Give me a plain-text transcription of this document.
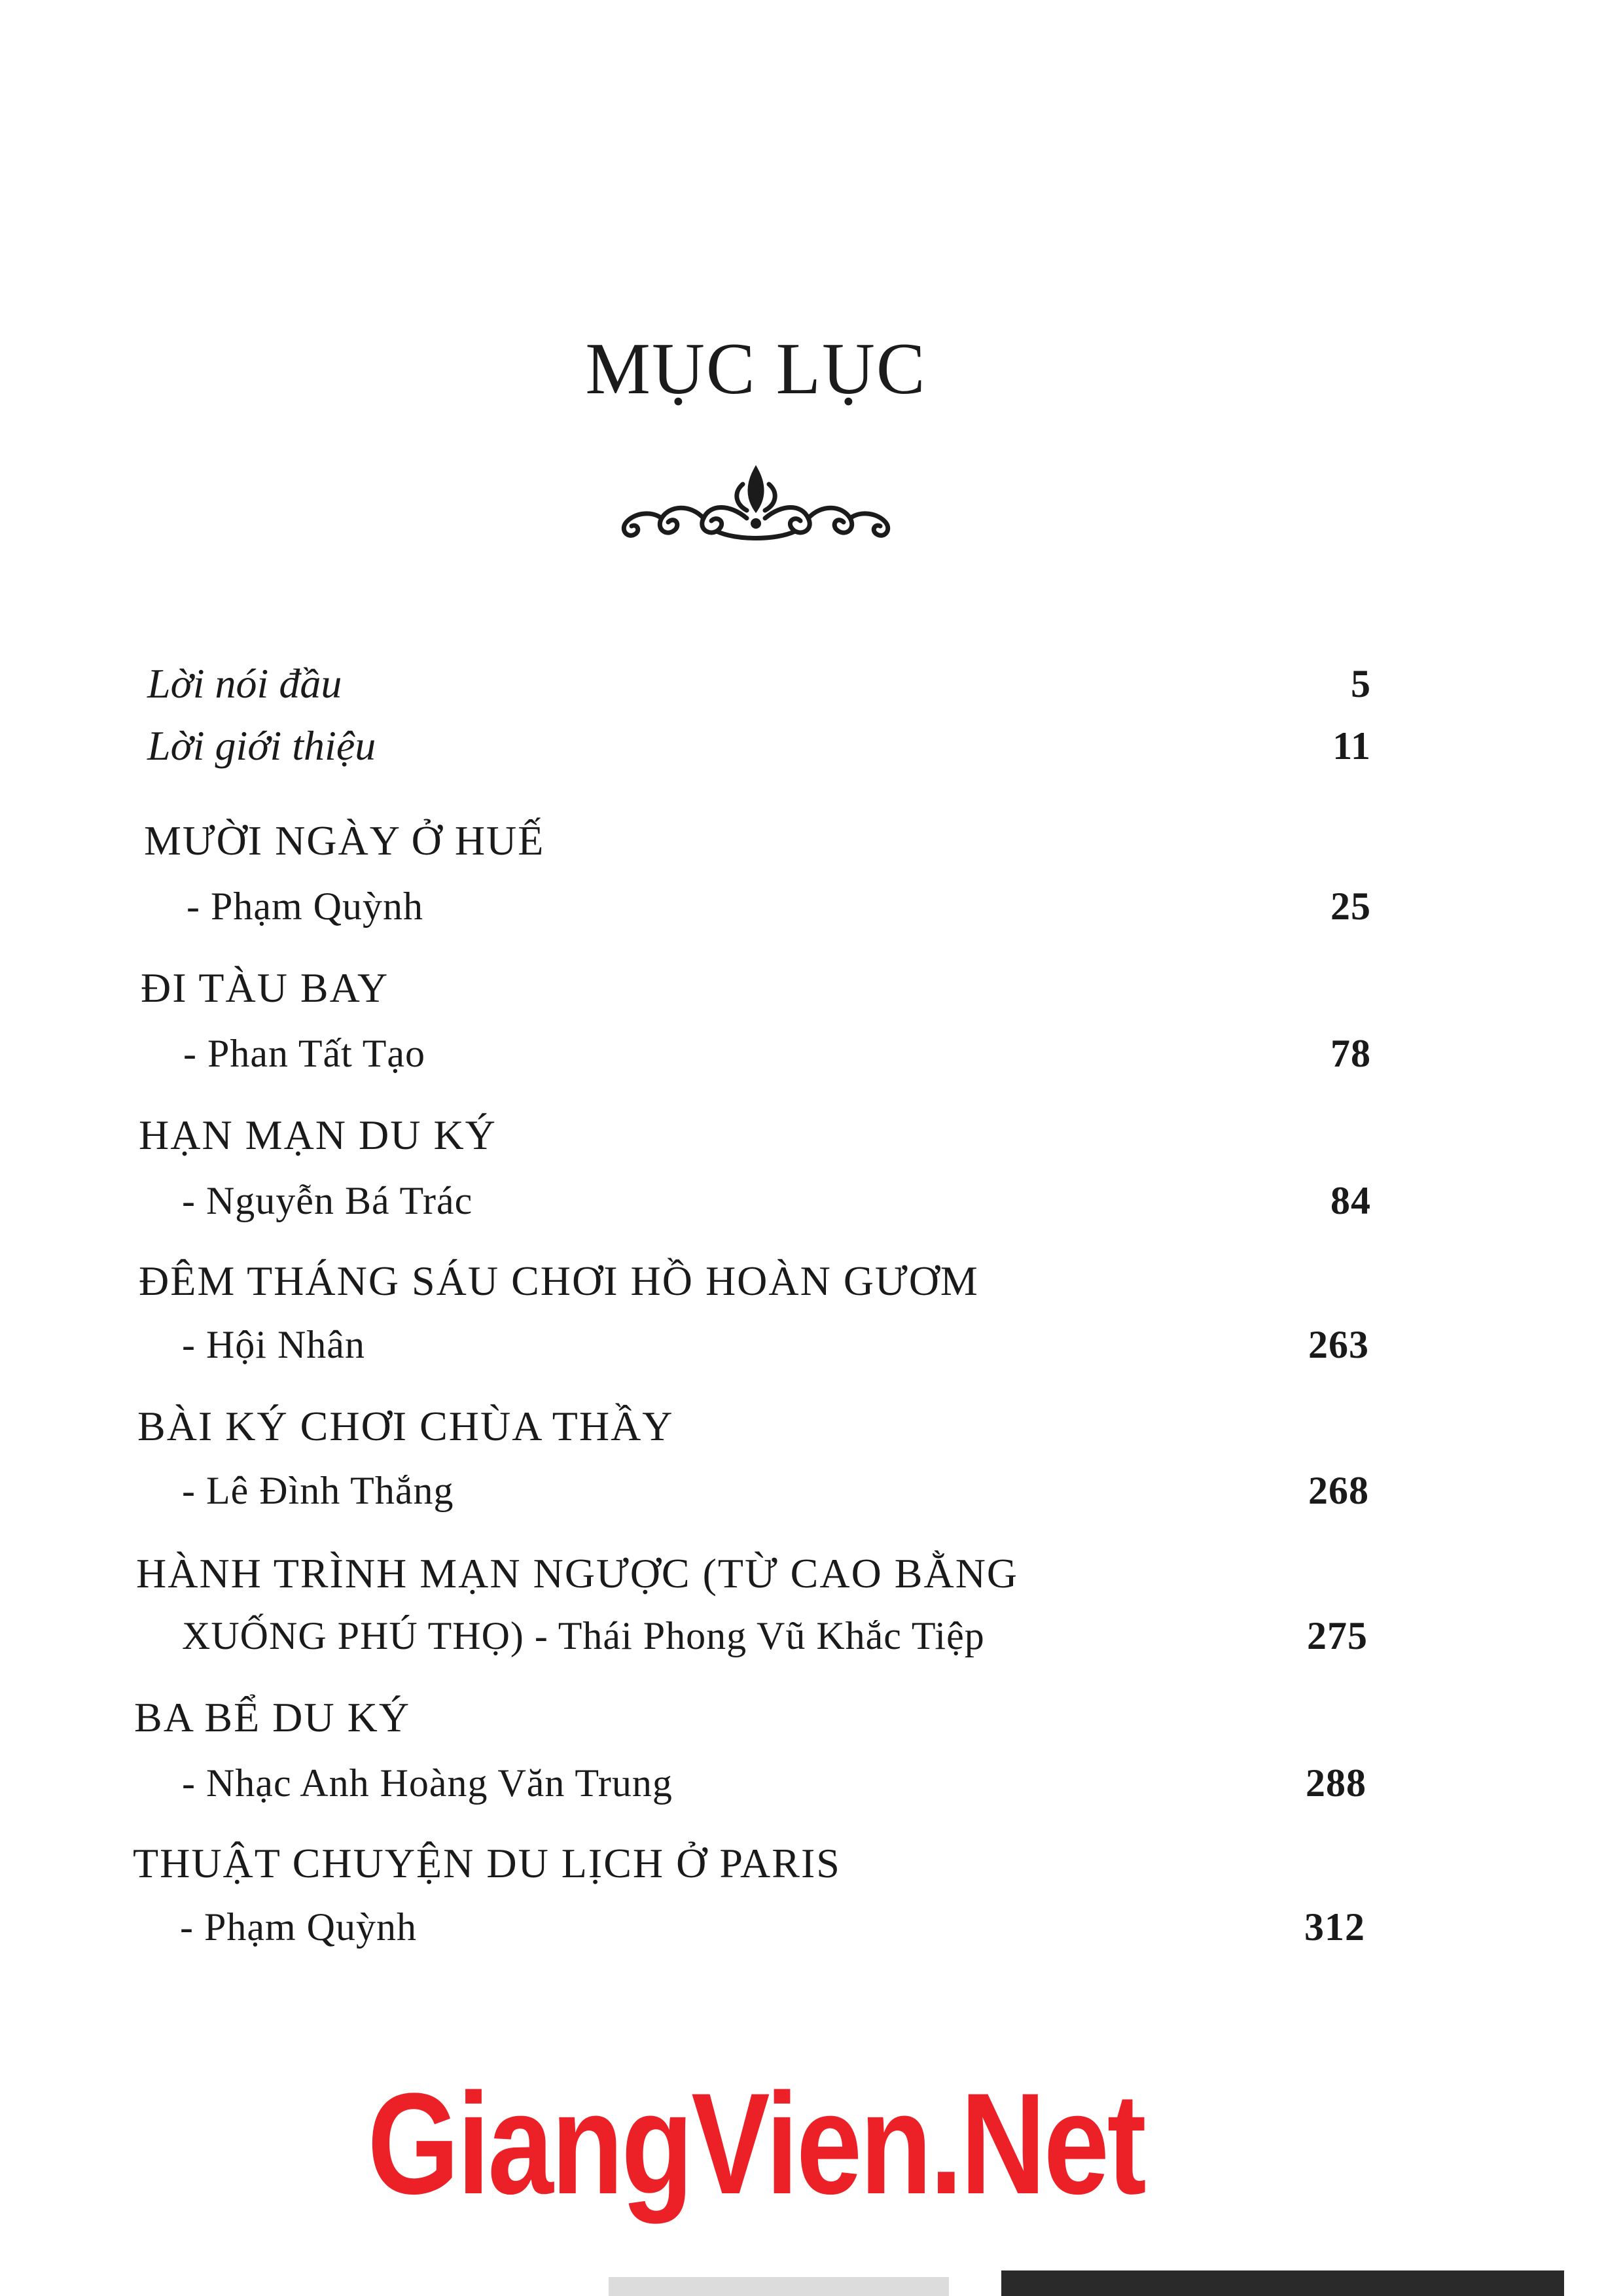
MỤC LỤC
Lời nói đầu	5
Lời giới thiệu	11
MƯỜI NGÀY Ở HUẾ
- Phạm Quỳnh	25
ĐI TÀU BAY
- Phan Tất Tạo	78
HẠN MẠN DU KÝ
- Nguyễn Bá Trác	84
ĐÊM THÁNG SÁU CHƠI HỒ HOÀN GƯƠM
- Hội Nhân	263
BÀI KÝ CHƠI CHÙA THẦY
- Lê Đình Thắng	268
HÀNH TRÌNH MẠN NGƯỢC (TỪ CAO BẰNG
XUỐNG PHÚ THỌ) - Thái Phong Vũ Khắc Tiệp	275
BA BỂ DU KÝ
- Nhạc Anh Hoàng Văn Trung	288
THUẬT CHUYỆN DU LỊCH Ở PARIS
- Phạm Quỳnh	312
GiangVien.Net
